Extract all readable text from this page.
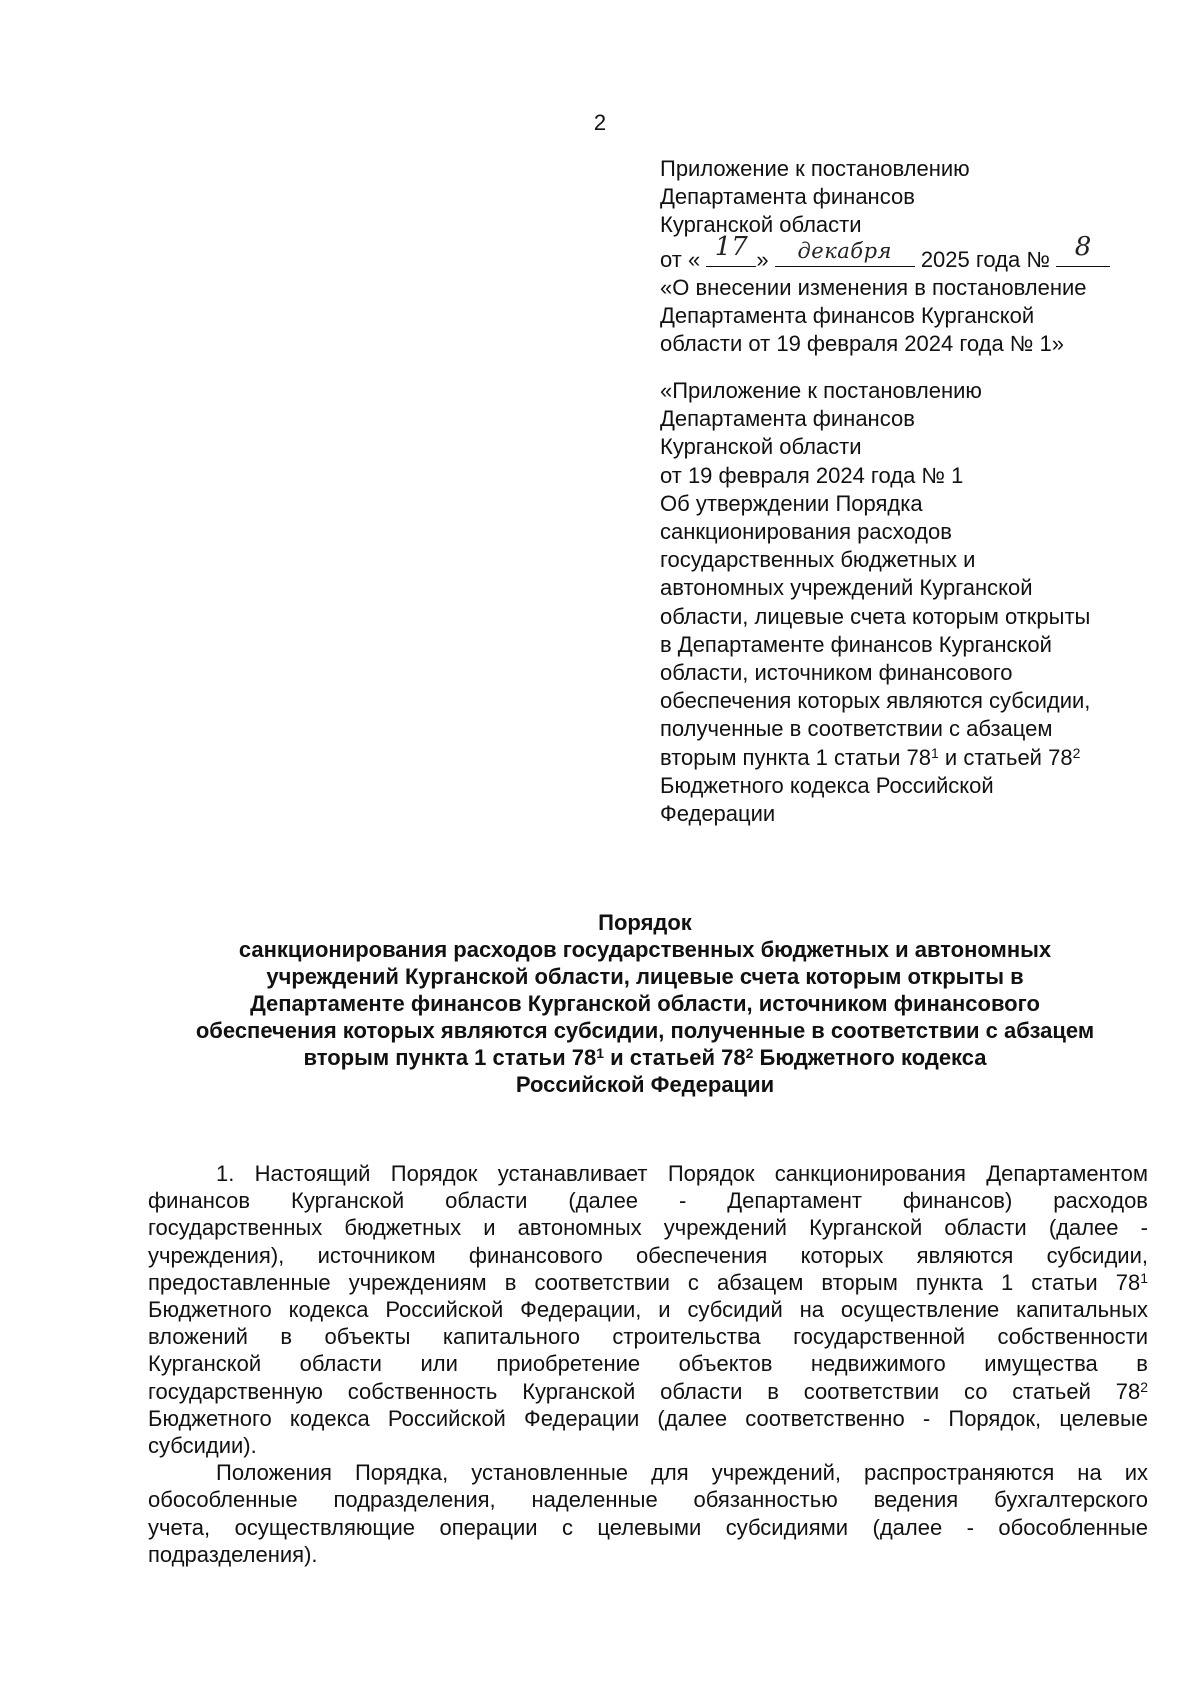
2
Приложение к постановлению
Департамента финансов
Курганской области
от « 17 »	декабря	2025 года № 8
«О внесении изменения в постановление
Департамента финансов Курганской
области от 19 февраля 2024 года № 1»
«Приложение к постановлению
Департамента финансов
Курганской области
от 19 февраля 2024 года № 1
Об утверждении Порядка
санкционирования расходов
государственных бюджетных и
автономных учреждений Курганской
области, лицевые счета которым открыты
в Департаменте финансов Курганской
области, источником финансового
обеспечения которых являются субсидии,
полученные в соответствии с абзацем
вторым пункта 1 статьи $78^1$ и статьей $78^2$
Бюджетного кодекса Российской
Федерации
Порядок
санкционирования расходов государственных бюджетных и автономных
учреждений Курганской области, лицевые счета которым открыты в
Департаменте финансов Курганской области, источником финансового
обеспечения которых являются субсидии, полученные в соответствии с абзацем
вторым пункта 1 статьи $78^1$ и статьей $78^2$ Бюджетного кодекса
Российской Федерации
1. Настоящий Порядок устанавливает Порядок санкционирования Департаментом
финансов Курганской области (далее - Департамент финансов) расходов
государственных бюджетных и автономных учреждений Курганской области (далее -
учреждения), источником финансового обеспечения которых являются субсидии,
предоставленные учреждениям в соответствии с абзацем вторым пункта 1 статьи $78^1$
Бюджетного кодекса Российской Федерации, и субсидий на осуществление капитальных
вложений в объекты капитального строительства государственной собственности
Курганской области или приобретение объектов недвижимого имущества в
государственную собственность Курганской области в соответствии со статьей $78^2$
Бюджетного кодекса Российской Федерации (далее соответственно - Порядок, целевые
субсидии).
Положения Порядка, установленные для учреждений, распространяются на их
обособленные подразделения, наделенные обязанностью ведения бухгалтерского
учета, осуществляющие операции с целевыми субсидиями (далее - обособленные
подразделения).
